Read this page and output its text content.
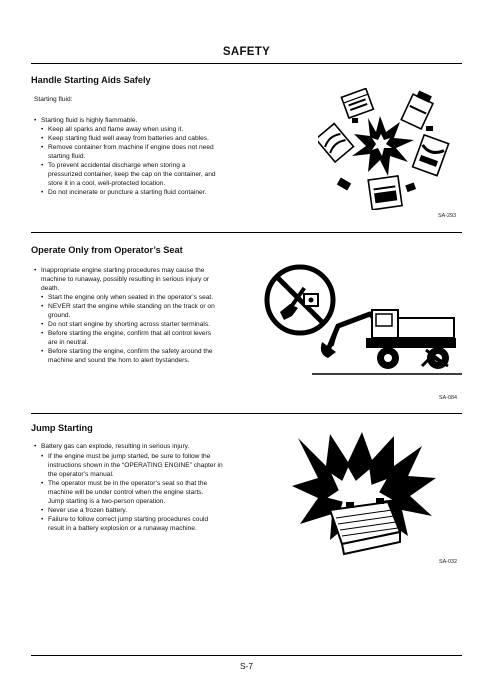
SAFETY
Handle Starting Aids Safely
Starting fluid:
• Starting fluid is highly flammable.
• Keep all sparks and flame away when using it.
• Keep starting fluid well away from batteries and cables.
• Remove container from machine if engine does not need
starting fluid.
• To prevent accidental discharge when storing a
pressurized container, keep the cap on the container, and
store it in a cool, well-protected location.
• Do not incinerate or puncture a starting fluid container.
SA-293
Operate Only from Operator’s Seat
• Inappropriate engine starting procedures may cause the
machine to runaway, possibly resulting in serious injury or
death.
• Start the engine only when seated in the operator’s seat.
• NEVER start the engine while standing on the track or on
ground.
• Do not start engine by shorting across starter terminals.
• Before starting the engine, confirm that all control levers
are in neutral.
• Before starting the engine, confirm the safety around the
machine and sound the horn to alert bystanders.
SA-084
Jump Starting
• Battery gas can explode, resulting in serious injury.
• If the engine must be jump started, be sure to follow the
instructions shown in the “OPERATING ENGINE” chapter in
the operator’s manual.
• The operator must be in the operator’s seat so that the
machine will be under control when the engine starts.
Jump starting is a two-person operation.
• Never use a frozen battery.
• Failure to follow correct jump starting procedures could
result in a battery explosion or a runaway machine.
SA-032
S-7
